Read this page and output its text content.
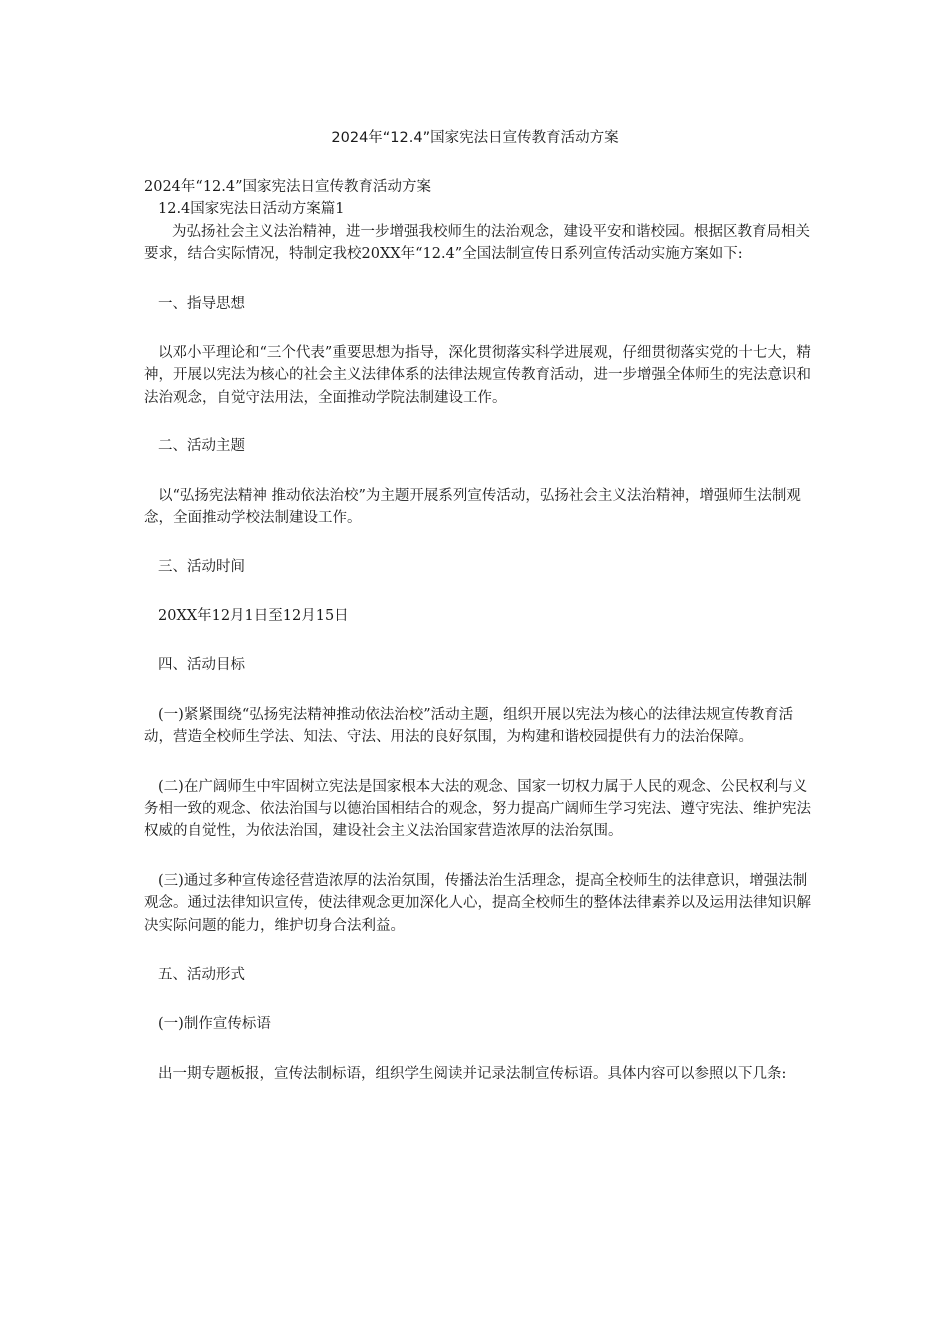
2024年“12.4”国家宪法日宣传教育活动方案

2024年“12.4”国家宪法日宣传教育活动方案

12.4国家宪法日活动方案篇1

为弘扬社会主义法治精神，进一步增强我校师生的法治观念，建设平安和谐校园。根据区教育局相关要求，结合实际情况，特制定我校20XX年“12.4”全国法制宣传日系列宣传活动实施方案如下:

一、指导思想

以邓小平理论和“三个代表”重要思想为指导，深化贯彻落实科学进展观，仔细贯彻落实党的十七大，精神，开展以宪法为核心的社会主义法律体系的法律法规宣传教育活动，进一步增强全体师生的宪法意识和法治观念，自觉守法用法，全面推动学院法制建设工作。

二、活动主题

以“弘扬宪法精神 推动依法治校”为主题开展系列宣传活动，弘扬社会主义法治精神，增强师生法制观念，全面推动学校法制建设工作。

三、活动时间

20XX年12月1日至12月15日

四、活动目标

(一)紧紧围绕“弘扬宪法精神推动依法治校”活动主题，组织开展以宪法为核心的法律法规宣传教育活动，营造全校师生学法、知法、守法、用法的良好氛围，为构建和谐校园提供有力的法治保障。

(二)在广阔师生中牢固树立宪法是国家根本大法的观念、国家一切权力属于人民的观念、公民权利与义务相一致的观念、依法治国与以德治国相结合的观念，努力提高广阔师生学习宪法、遵守宪法、维护宪法权威的自觉性，为依法治国，建设社会主义法治国家营造浓厚的法治氛围。

(三)通过多种宣传途径营造浓厚的法治氛围，传播法治生活理念，提高全校师生的法律意识，增强法制观念。通过法律知识宣传，使法律观念更加深化人心，提高全校师生的整体法律素养以及运用法律知识解决实际问题的能力，维护切身合法利益。

五、活动形式

(一)制作宣传标语

出一期专题板报，宣传法制标语，组织学生阅读并记录法制宣传标语。具体内容可以参照以下几条:
